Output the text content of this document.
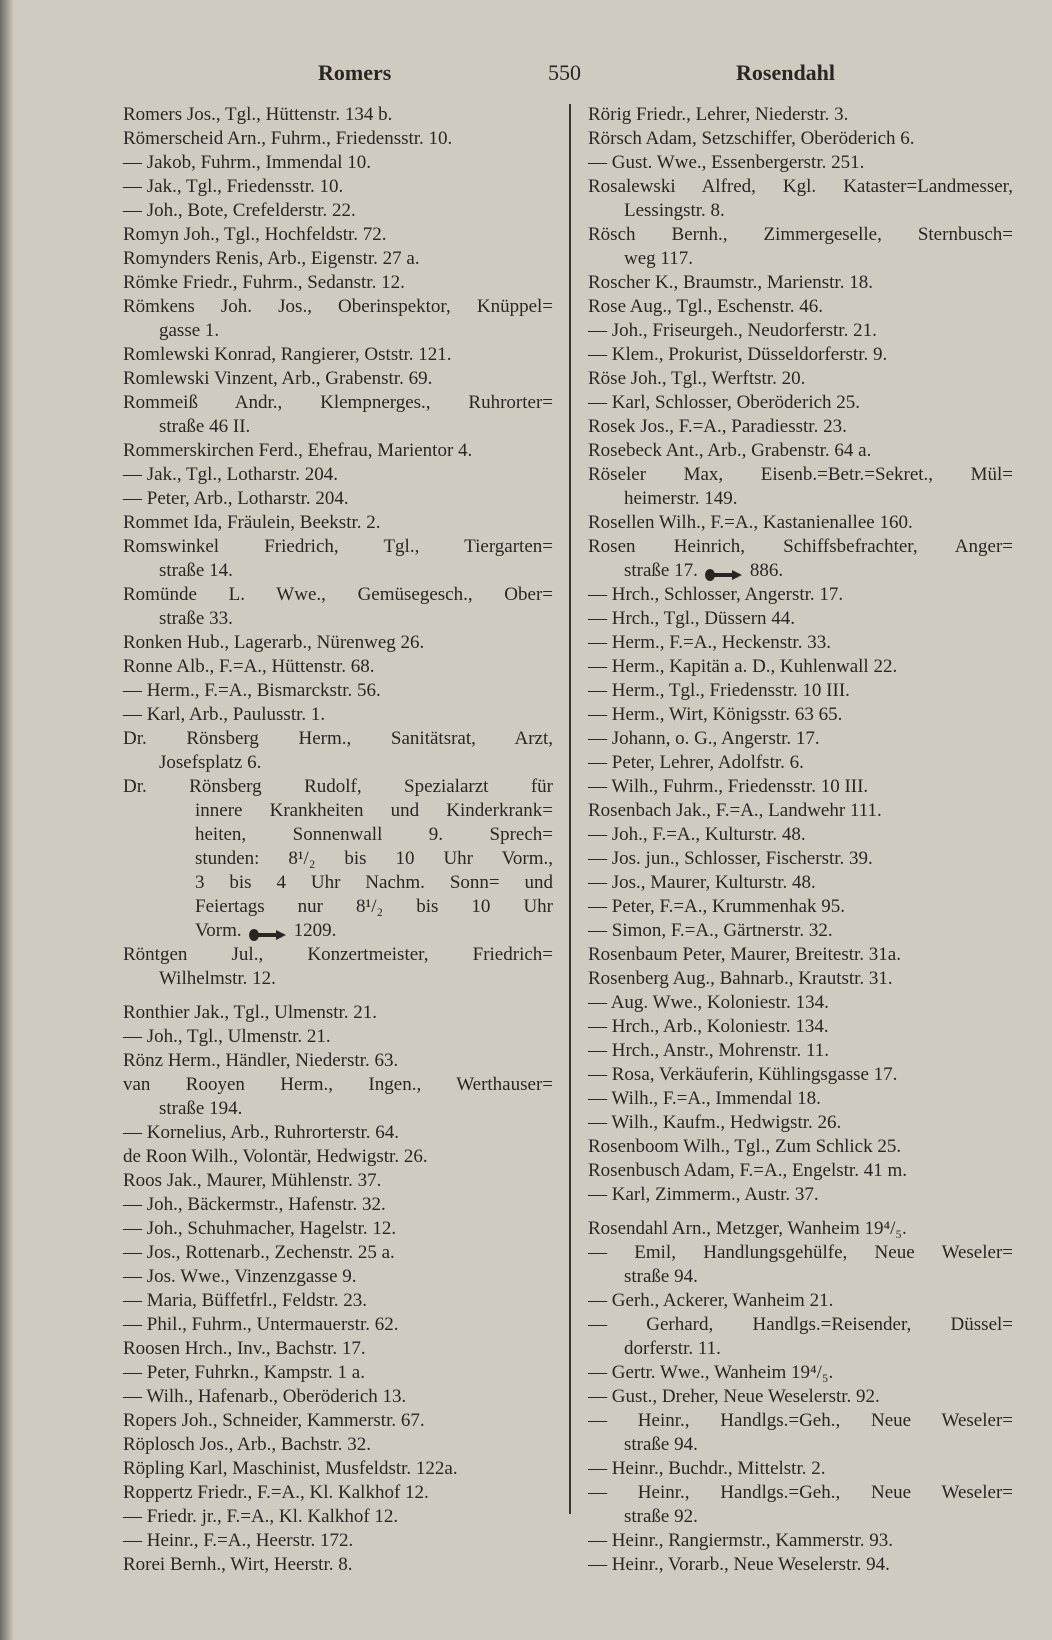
Romers	550	Rosendahl
Romers Jos., Tgl., Hüttenstr. 134 b.
Römerscheid Arn., Fuhrm., Friedensstr. 10.
— Jakob, Fuhrm., Immendal 10.
— Jak., Tgl., Friedensstr. 10.
— Joh., Bote, Crefelderstr. 22.
Romyn Joh., Tgl., Hochfeldstr. 72.
Romynders Renis, Arb., Eigenstr. 27 a.
Römke Friedr., Fuhrm., Sedanstr. 12.
Römkens Joh. Jos., Oberinspektor, Knüppel=
gasse 1.
Romlewski Konrad, Rangierer, Oststr. 121.
Romlewski Vinzent, Arb., Grabenstr. 69.
Rommeiß Andr., Klempnerges., Ruhrorter=
straße 46 II.
Rommerskirchen Ferd., Ehefrau, Marientor 4.
— Jak., Tgl., Lotharstr. 204.
— Peter, Arb., Lotharstr. 204.
Rommet Ida, Fräulein, Beekstr. 2.
Romswinkel Friedrich, Tgl., Tiergarten=
straße 14.
Romünde L. Wwe., Gemüsegesch., Ober=
straße 33.
Ronken Hub., Lagerarb., Nürenweg 26.
Ronne Alb., F.=A., Hüttenstr. 68.
— Herm., F.=A., Bismarckstr. 56.
— Karl, Arb., Paulusstr. 1.
Dr. Rönsberg Herm., Sanitätsrat, Arzt,
Josefsplatz 6.
Dr. Rönsberg Rudolf, Spezialarzt für
innere Krankheiten und Kinderkrank=
heiten, Sonnenwall 9. Sprech=
stunden: 8¹/₂ bis 10 Uhr Vorm.,
3 bis 4 Uhr Nachm. Sonn= und
Feiertags nur 8¹/₂ bis 10 Uhr
Vorm.	1209.
Röntgen Jul., Konzertmeister, Friedrich=
Wilhelmstr. 12.
Ronthier Jak., Tgl., Ulmenstr. 21.
— Joh., Tgl., Ulmenstr. 21.
Rönz Herm., Händler, Niederstr. 63.
van Rooyen Herm., Ingen., Werthauser=
straße 194.
— Kornelius, Arb., Ruhrorterstr. 64.
de Roon Wilh., Volontär, Hedwigstr. 26.
Roos Jak., Maurer, Mühlenstr. 37.
— Joh., Bäckermstr., Hafenstr. 32.
— Joh., Schuhmacher, Hagelstr. 12.
— Jos., Rottenarb., Zechenstr. 25 a.
— Jos. Wwe., Vinzenzgasse 9.
— Maria, Büffetfrl., Feldstr. 23.
— Phil., Fuhrm., Untermauerstr. 62.
Roosen Hrch., Inv., Bachstr. 17.
— Peter, Fuhrkn., Kampstr. 1 a.
— Wilh., Hafenarb., Oberöderich 13.
Ropers Joh., Schneider, Kammerstr. 67.
Röplosch Jos., Arb., Bachstr. 32.
Röpling Karl, Maschinist, Musfeldstr. 122a.
Roppertz Friedr., F.=A., Kl. Kalkhof 12.
— Friedr. jr., F.=A., Kl. Kalkhof 12.
— Heinr., F.=A., Heerstr. 172.
Rorei Bernh., Wirt, Heerstr. 8.
Rörig Friedr., Lehrer, Niederstr. 3.
Rörsch Adam, Setzschiffer, Oberöderich 6.
— Gust. Wwe., Essenbergerstr. 251.
Rosalewski Alfred, Kgl. Kataster=Landmesser,
Lessingstr. 8.
Rösch Bernh., Zimmergeselle, Sternbusch=
weg 117.
Roscher K., Braumstr., Marienstr. 18.
Rose Aug., Tgl., Eschenstr. 46.
— Joh., Friseurgeh., Neudorferstr. 21.
— Klem., Prokurist, Düsseldorferstr. 9.
Röse Joh., Tgl., Werftstr. 20.
— Karl, Schlosser, Oberöderich 25.
Rosek Jos., F.=A., Paradiesstr. 23.
Rosebeck Ant., Arb., Grabenstr. 64 a.
Röseler Max, Eisenb.=Betr.=Sekret., Mül=
heimerstr. 149.
Rosellen Wilh., F.=A., Kastanienallee 160.
Rosen Heinrich, Schiffsbefrachter, Anger=
straße 17.	886.
— Hrch., Schlosser, Angerstr. 17.
— Hrch., Tgl., Düssern 44.
— Herm., F.=A., Heckenstr. 33.
— Herm., Kapitän a. D., Kuhlenwall 22.
— Herm., Tgl., Friedensstr. 10 III.
— Herm., Wirt, Königsstr. 63 65.
— Johann, o. G., Angerstr. 17.
— Peter, Lehrer, Adolfstr. 6.
— Wilh., Fuhrm., Friedensstr. 10 III.
Rosenbach Jak., F.=A., Landwehr 111.
— Joh., F.=A., Kulturstr. 48.
— Jos. jun., Schlosser, Fischerstr. 39.
— Jos., Maurer, Kulturstr. 48.
— Peter, F.=A., Krummenhak 95.
— Simon, F.=A., Gärtnerstr. 32.
Rosenbaum Peter, Maurer, Breitestr. 31a.
Rosenberg Aug., Bahnarb., Krautstr. 31.
— Aug. Wwe., Koloniestr. 134.
— Hrch., Arb., Koloniestr. 134.
— Hrch., Anstr., Mohrenstr. 11.
— Rosa, Verkäuferin, Kühlingsgasse 17.
— Wilh., F.=A., Immendal 18.
— Wilh., Kaufm., Hedwigstr. 26.
Rosenboom Wilh., Tgl., Zum Schlick 25.
Rosenbusch Adam, F.=A., Engelstr. 41 m.
— Karl, Zimmerm., Austr. 37.
Rosendahl Arn., Metzger, Wanheim 19⁴/₅.
— Emil, Handlungsgehülfe, Neue Weseler=
straße 94.
— Gerh., Ackerer, Wanheim 21.
— Gerhard, Handlgs.=Reisender, Düssel=
dorferstr. 11.
— Gertr. Wwe., Wanheim 19⁴/₅.
— Gust., Dreher, Neue Weselerstr. 92.
— Heinr., Handlgs.=Geh., Neue Weseler=
straße 94.
— Heinr., Buchdr., Mittelstr. 2.
— Heinr., Handlgs.=Geh., Neue Weseler=
straße 92.
— Heinr., Rangiermstr., Kammerstr. 93.
— Heinr., Vorarb., Neue Weselerstr. 94.
